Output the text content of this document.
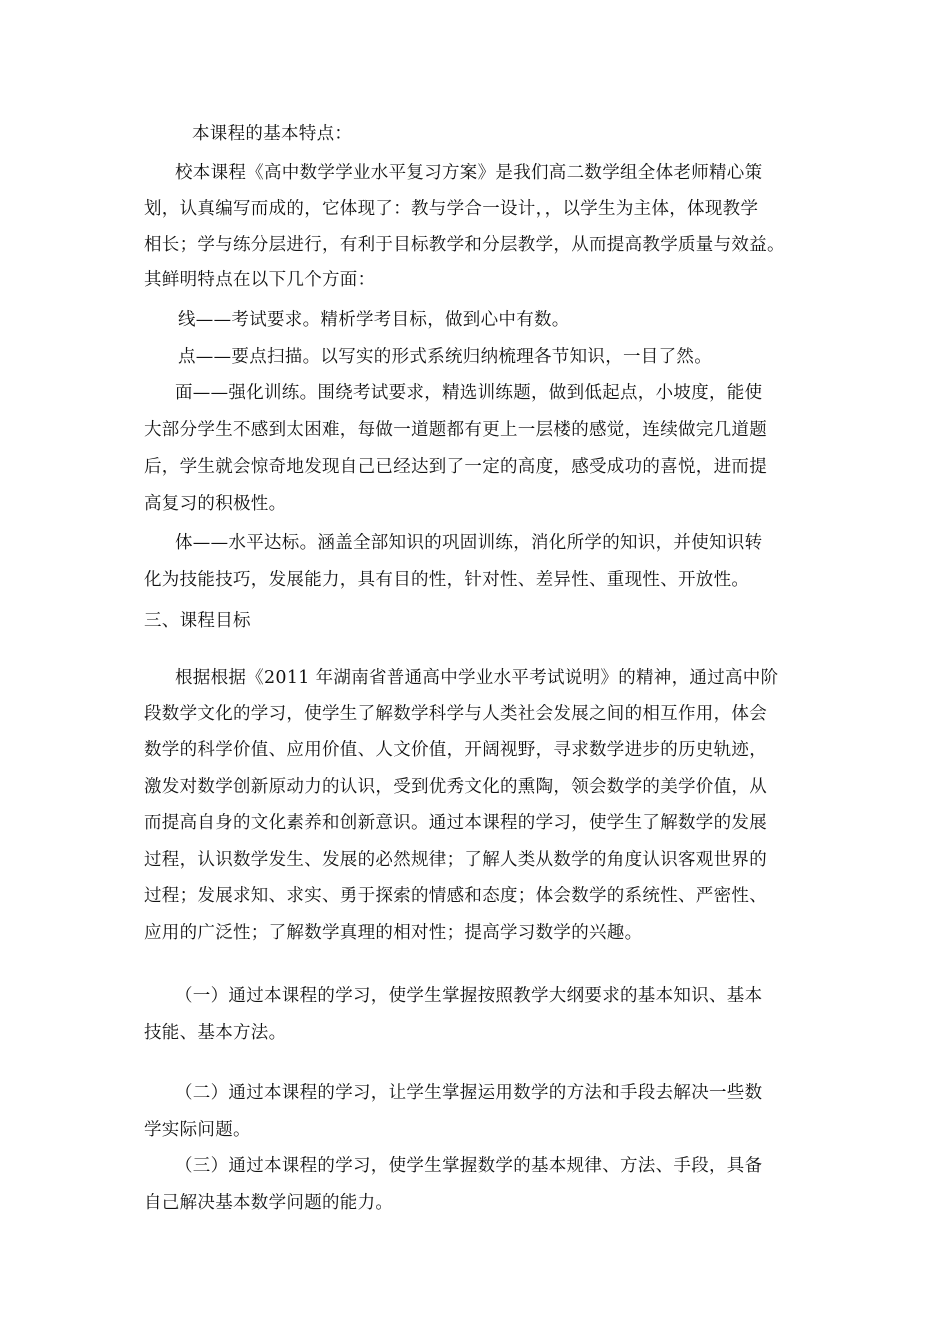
本课程的基本特点：
校本课程《高中数学学业水平复习方案》是我们高二数学组全体老师精心策
划，认真编写而成的，它体现了：教与学合一设计，，以学生为主体，体现教学
相长；学与练分层进行，有利于目标教学和分层教学，从而提高教学质量与效益。
其鲜明特点在以下几个方面：
线——考试要求。精析学考目标，做到心中有数。
点——要点扫描。以写实的形式系统归纳梳理各节知识，一目了然。
面——强化训练。围绕考试要求，精选训练题，做到低起点，小坡度，能使
大部分学生不感到太困难，每做一道题都有更上一层楼的感觉，连续做完几道题
后，学生就会惊奇地发现自己已经达到了一定的高度，感受成功的喜悦，进而提
高复习的积极性。
体——水平达标。涵盖全部知识的巩固训练，消化所学的知识，并使知识转
化为技能技巧，发展能力，具有目的性，针对性、差异性、重现性、开放性。
三、课程目标
根据根据《2011 年湖南省普通高中学业水平考试说明》的精神，通过高中阶
段数学文化的学习，使学生了解数学科学与人类社会发展之间的相互作用，体会
数学的科学价值、应用价值、人文价值，开阔视野，寻求数学进步的历史轨迹，
激发对数学创新原动力的认识，受到优秀文化的熏陶，领会数学的美学价值，从
而提高自身的文化素养和创新意识。通过本课程的学习，使学生了解数学的发展
过程，认识数学发生、发展的必然规律；了解人类从数学的角度认识客观世界的
过程；发展求知、求实、勇于探索的情感和态度；体会数学的系统性、严密性、
应用的广泛性；了解数学真理的相对性；提高学习数学的兴趣。
（一）通过本课程的学习，使学生掌握按照教学大纲要求的基本知识、基本
技能、基本方法。
（二）通过本课程的学习，让学生掌握运用数学的方法和手段去解决一些数
学实际问题。
（三）通过本课程的学习，使学生掌握数学的基本规律、方法、手段，具备
自己解决基本数学问题的能力。
